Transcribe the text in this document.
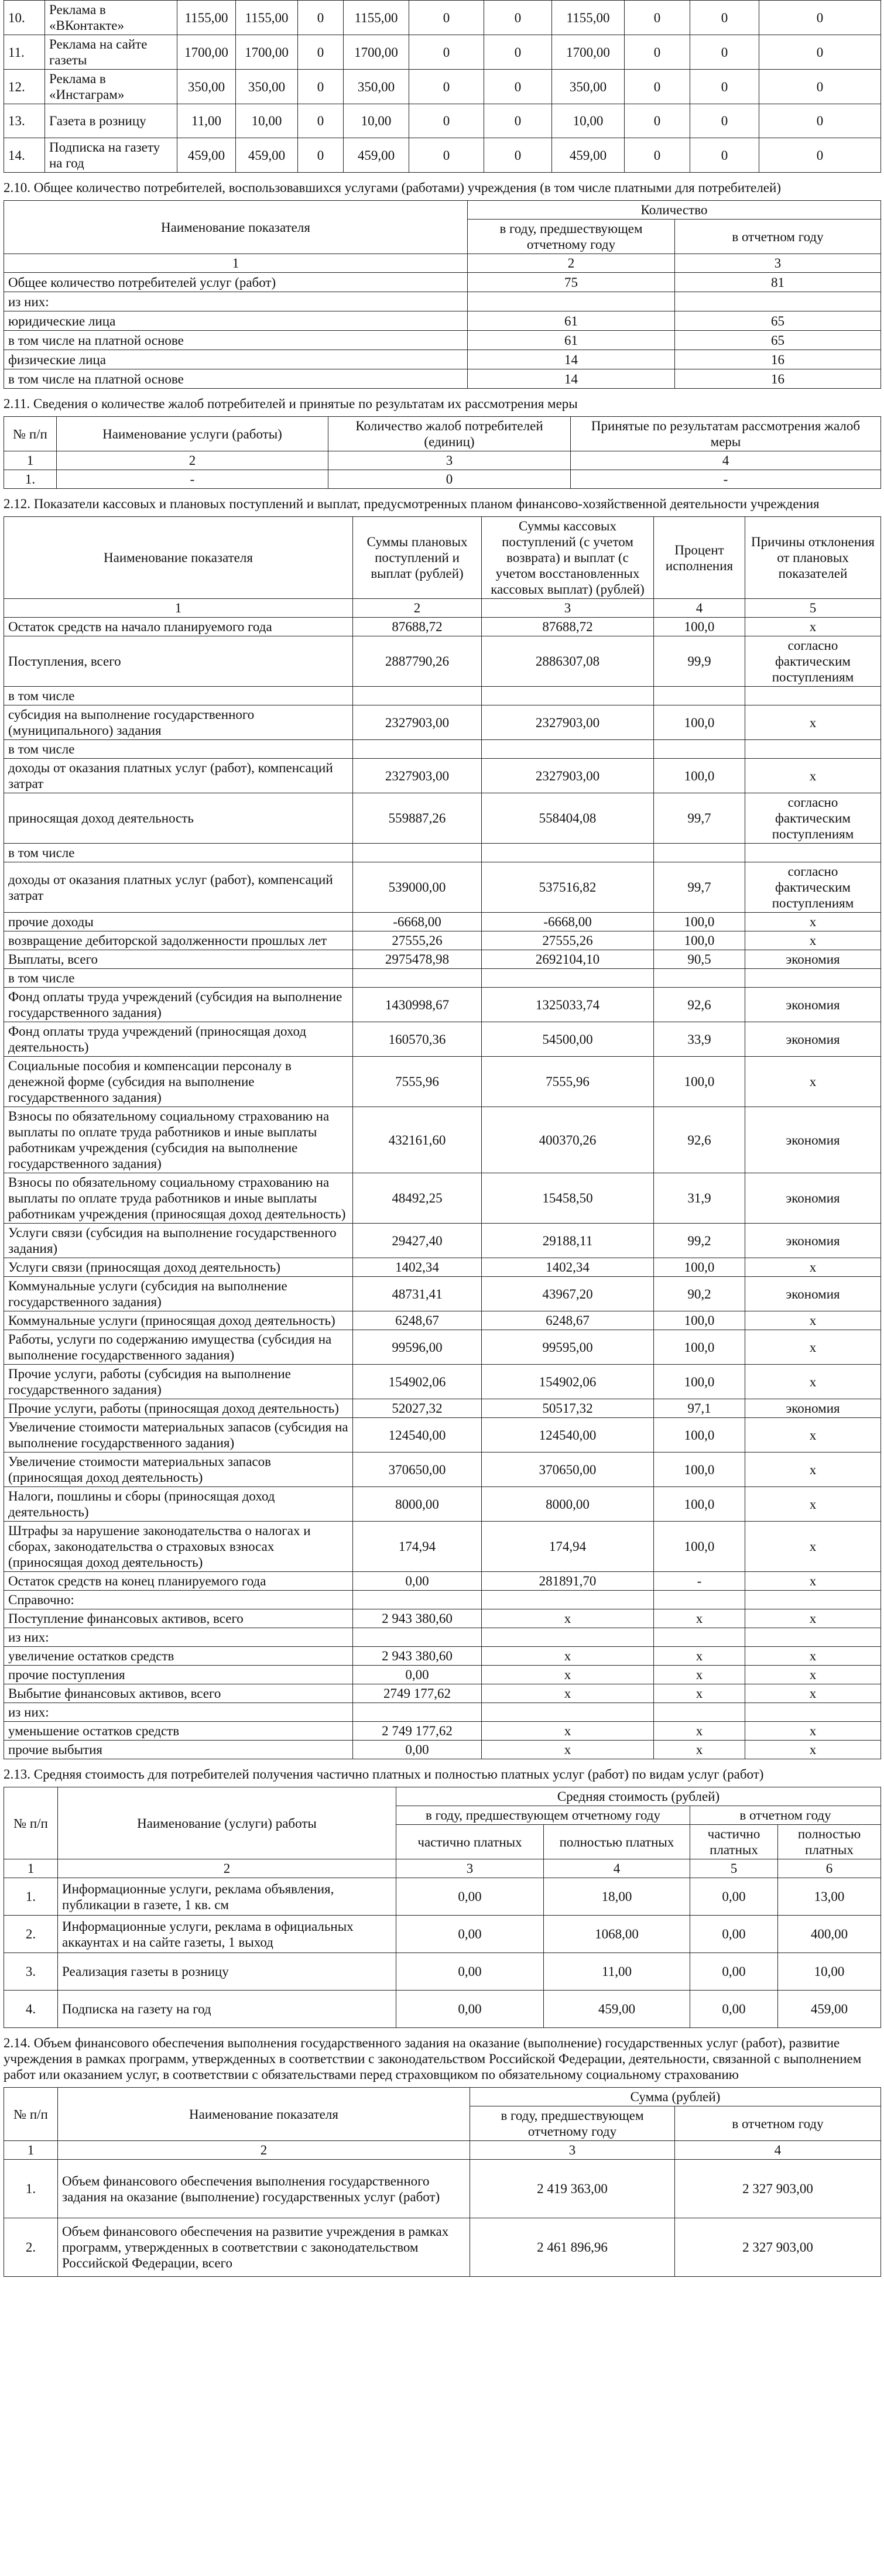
10.	Реклама в «ВКонтакте»	1155,00	1155,00	0	1155,00	0	0	1155,00	0	0	0
11.	Реклама на сайте газеты	1700,00	1700,00	0	1700,00	0	0	1700,00	0	0	0
12.	Реклама в «Инстаграм»	350,00	350,00	0	350,00	0	0	350,00	0	0	0
13.	Газета в розницу	11,00	10,00	0	10,00	0	0	10,00	0	0	0
14.	Подписка на газету на год	459,00	459,00	0	459,00	0	0	459,00	0	0	0
2.10. Общее количество потребителей, воспользовавшихся услугами (работами) учреждения (в том числе платными для потребителей)
Наименование показателя	Количество	
	в году, предшествующем отчетному году	в отчетном году
1	2	3
Общее количество потребителей услуг (работ)	75	81
из них:		
юридические лица	61	65
в том числе на платной основе	61	65
физические лица	14	16
в том числе на платной основе	14	16
2.11. Сведения о количестве жалоб потребителей и принятые по результатам их рассмотрения меры
№ п/п	Наименование услуги (работы)	Количество жалоб потребителей (единиц)	Принятые по результатам рассмотрения жалоб меры
1	2	3	4
1.	-	0	-
2.12. Показатели кассовых и плановых поступлений и выплат, предусмотренных планом финансово-хозяйственной деятельности учреждения
Наименование показателя	Суммы плановых поступлений и выплат (рублей)	Суммы кассовых поступлений (с учетом возврата) и выплат (с учетом восстановленных кассовых выплат) (рублей)	Процент исполнения	Причины отклонения от плановых показателей
1	2	3	4	5
Остаток средств на начало планируемого года	87688,72	87688,72	100,0	х
Поступления, всего	2887790,26	2886307,08	99,9	согласно фактическим поступлениям
в том числе				
субсидия на выполнение государственного (муниципального) задания	2327903,00	2327903,00	100,0	х
в том числе				
доходы от оказания платных услуг (работ), компенсаций затрат	2327903,00	2327903,00	100,0	х
приносящая доход деятельность	559887,26	558404,08	99,7	согласно фактическим поступлениям
в том числе				
доходы от оказания платных услуг (работ), компенсаций затрат	539000,00	537516,82	99,7	согласно фактическим поступлениям
прочие доходы	-6668,00	-6668,00	100,0	х
возвращение дебиторской задолженности прошлых лет	27555,26	27555,26	100,0	х
Выплаты, всего	2975478,98	2692104,10	90,5	экономия
в том числе				
Фонд оплаты труда учреждений (субсидия на выполнение государственного задания)	1430998,67	1325033,74	92,6	экономия
Фонд оплаты труда учреждений (приносящая доход деятельность)	160570,36	54500,00	33,9	экономия
Социальные пособия и компенсации персоналу в денежной форме (субсидия на выполнение государственного задания)	7555,96	7555,96	100,0	х
Взносы по обязательному социальному страхованию на выплаты по оплате труда работников и иные выплаты работникам учреждения (субсидия на выполнение государственного задания)	432161,60	400370,26	92,6	экономия
Взносы по обязательному социальному страхованию на выплаты по оплате труда работников и иные выплаты работникам учреждения (приносящая доход деятельность)	48492,25	15458,50	31,9	экономия
Услуги связи (субсидия на выполнение государственного задания)	29427,40	29188,11	99,2	экономия
Услуги связи (приносящая доход деятельность)	1402,34	1402,34	100,0	х
Коммунальные услуги (субсидия на выполнение государственного задания)	48731,41	43967,20	90,2	экономия
Коммунальные услуги (приносящая доход деятельность)	6248,67	6248,67	100,0	х
Работы, услуги по содержанию имущества (субсидия на выполнение государственного задания)	99596,00	99595,00	100,0	х
Прочие услуги, работы (субсидия на выполнение государственного задания)	154902,06	154902,06	100,0	х
Прочие услуги, работы (приносящая доход деятельность)	52027,32	50517,32	97,1	экономия
Увеличение стоимости материальных запасов (субсидия на выполнение государственного задания)	124540,00	124540,00	100,0	х
Увеличение стоимости материальных запасов (приносящая доход деятельность)	370650,00	370650,00	100,0	х
Налоги, пошлины и сборы (приносящая доход деятельность)	8000,00	8000,00	100,0	х
Штрафы за нарушение законодательства о налогах и сборах, законодательства о страховых взносах (приносящая доход деятельность)	174,94	174,94	100,0	х
Остаток средств на конец планируемого года	0,00	281891,70	-	х
Справочно:				
Поступление финансовых активов, всего	2 943 380,60	х	х	х
из них:				
увеличение остатков средств	2 943 380,60	х	х	х
прочие поступления	0,00	х	х	х
Выбытие финансовых активов, всего	2749 177,62	х	х	х
из них:				
уменьшение остатков средств	2 749 177,62	х	х	х
прочие выбытия	0,00	х	х	х
2.13. Средняя стоимость для потребителей получения частично платных и полностью платных услуг (работ) по видам услуг (работ)
№ п/п	Наименование (услуги) работы	Средняя стоимость (рублей)			
		в году, предшествующем отчетному году		в отчетном году	
		частично платных	полностью платных	частично платных	полностью платных
1	2	3	4	5	6
1.	Информационные услуги, реклама объявления, публикации в газете, 1 кв. см	0,00	18,00	0,00	13,00
2.	Информационные услуги, реклама в официальных аккаунтах и на сайте газеты, 1 выход	0,00	1068,00	0,00	400,00
3.	Реализация газеты в розницу	0,00	11,00	0,00	10,00
4.	Подписка на газету на год	0,00	459,00	0,00	459,00
2.14. Объем финансового обеспечения выполнения государственного задания на оказание (выполнение) государственных услуг (работ), развитие учреждения в рамках программ, утвержденных в соответствии с законодательством Российской Федерации, деятельности, связанной с выполнением работ или оказанием услуг, в соответствии с обязательствами перед страховщиком по обязательному социальному страхованию
№ п/п	Наименование показателя	Сумма (рублей)	
		в году, предшествующем отчетному году	в отчетном году
1	2	3	4
1.	Объем финансового обеспечения выполнения государственного задания на оказание (выполнение) государственных услуг (работ)	2 419 363,00	2 327 903,00
2.	Объем финансового обеспечения на развитие учреждения в рамках программ, утвержденных в соответствии с законодательством Российской Федерации, всего	2 461 896,96	2 327 903,00
